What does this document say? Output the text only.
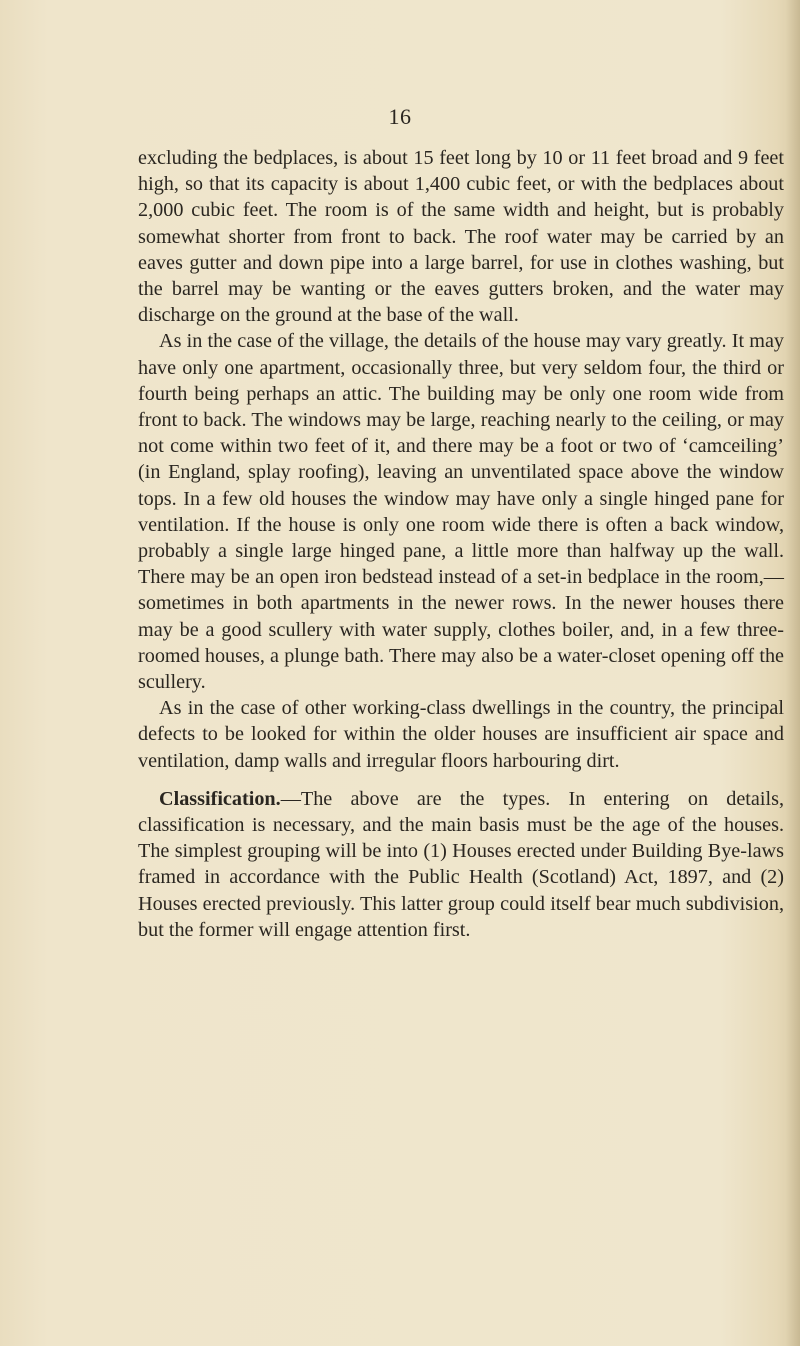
16

excluding the bedplaces, is about 15 feet long by 10 or 11 feet broad and 9 feet high, so that its capacity is about 1,400 cubic feet, or with the bedplaces about 2,000 cubic feet. The room is of the same width and height, but is probably somewhat shorter from front to back. The roof water may be carried by an eaves gutter and down pipe into a large barrel, for use in clothes washing, but the barrel may be wanting or the eaves gutters broken, and the water may discharge on the ground at the base of the wall.

As in the case of the village, the details of the house may vary greatly. It may have only one apartment, occasionally three, but very seldom four, the third or fourth being perhaps an attic. The building may be only one room wide from front to back. The windows may be large, reaching nearly to the ceiling, or may not come within two feet of it, and there may be a foot or two of ‘camceiling’ (in England, splay roofing), leaving an unventilated space above the window tops. In a few old houses the window may have only a single hinged pane for ventilation. If the house is only one room wide there is often a back window, probably a single large hinged pane, a little more than halfway up the wall. There may be an open iron bedstead instead of a set-in bedplace in the room,—sometimes in both apartments in the newer rows. In the newer houses there may be a good scullery with water supply, clothes boiler, and, in a few three-roomed houses, a plunge bath. There may also be a water-closet opening off the scullery.

As in the case of other working-class dwellings in the country, the principal defects to be looked for within the older houses are insufficient air space and ventilation, damp walls and irregular floors harbouring dirt.

Classification.—The above are the types. In entering on details, classification is necessary, and the main basis must be the age of the houses. The simplest grouping will be into (1) Houses erected under Building Bye-laws framed in accordance with the Public Health (Scotland) Act, 1897, and (2) Houses erected previously. This latter group could itself bear much subdivision, but the former will engage attention first.
